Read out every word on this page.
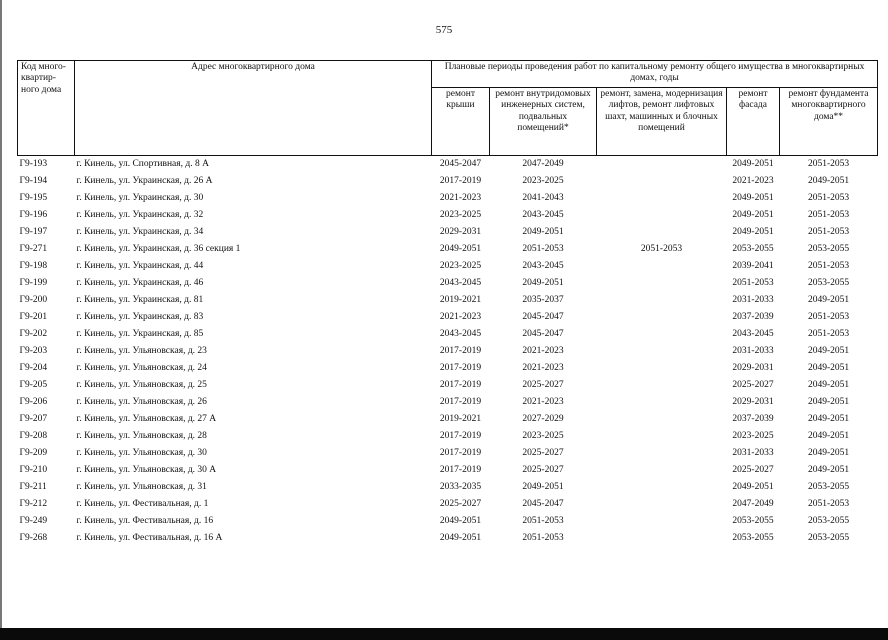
575
Код много-квартир-ного дома	Адрес многоквартирного дома	Плановые периоды проведения работ по капитальному ремонту общего имущества в многоквартирных домах, годы				
		ремонт крыши	ремонт внутридомовых инженерных систем, подвальных помещений*	ремонт, замена, модернизация лифтов, ремонт лифтовых шахт, машинных и блочных помещений	ремонт фасада	ремонт фундамента многоквартирного дома**
Г9-193	г. Кинель, ул. Спортивная, д. 8 А	2045-2047	2047-2049		2049-2051	2051-2053
Г9-194	г. Кинель, ул. Украинская, д. 26 А	2017-2019	2023-2025		2021-2023	2049-2051
Г9-195	г. Кинель, ул. Украинская, д. 30	2021-2023	2041-2043		2049-2051	2051-2053
Г9-196	г. Кинель, ул. Украинская, д. 32	2023-2025	2043-2045		2049-2051	2051-2053
Г9-197	г. Кинель, ул. Украинская, д. 34	2029-2031	2049-2051		2049-2051	2051-2053
Г9-271	г. Кинель, ул. Украинская, д. 36 секция 1	2049-2051	2051-2053	2051-2053	2053-2055	2053-2055
Г9-198	г. Кинель, ул. Украинская, д. 44	2023-2025	2043-2045		2039-2041	2051-2053
Г9-199	г. Кинель, ул. Украинская, д. 46	2043-2045	2049-2051		2051-2053	2053-2055
Г9-200	г. Кинель, ул. Украинская, д. 81	2019-2021	2035-2037		2031-2033	2049-2051
Г9-201	г. Кинель, ул. Украинская, д. 83	2021-2023	2045-2047		2037-2039	2051-2053
Г9-202	г. Кинель, ул. Украинская, д. 85	2043-2045	2045-2047		2043-2045	2051-2053
Г9-203	г. Кинель, ул. Ульяновская, д. 23	2017-2019	2021-2023		2031-2033	2049-2051
Г9-204	г. Кинель, ул. Ульяновская, д. 24	2017-2019	2021-2023		2029-2031	2049-2051
Г9-205	г. Кинель, ул. Ульяновская, д. 25	2017-2019	2025-2027		2025-2027	2049-2051
Г9-206	г. Кинель, ул. Ульяновская, д. 26	2017-2019	2021-2023		2029-2031	2049-2051
Г9-207	г. Кинель, ул. Ульяновская, д. 27 А	2019-2021	2027-2029		2037-2039	2049-2051
Г9-208	г. Кинель, ул. Ульяновская, д. 28	2017-2019	2023-2025		2023-2025	2049-2051
Г9-209	г. Кинель, ул. Ульяновская, д. 30	2017-2019	2025-2027		2031-2033	2049-2051
Г9-210	г. Кинель, ул. Ульяновская, д. 30 А	2017-2019	2025-2027		2025-2027	2049-2051
Г9-211	г. Кинель, ул. Ульяновская, д. 31	2033-2035	2049-2051		2049-2051	2053-2055
Г9-212	г. Кинель, ул. Фестивальная, д. 1	2025-2027	2045-2047		2047-2049	2051-2053
Г9-249	г. Кинель, ул. Фестивальная, д. 16	2049-2051	2051-2053		2053-2055	2053-2055
Г9-268	г. Кинель, ул. Фестивальная, д. 16 А	2049-2051	2051-2053		2053-2055	2053-2055
